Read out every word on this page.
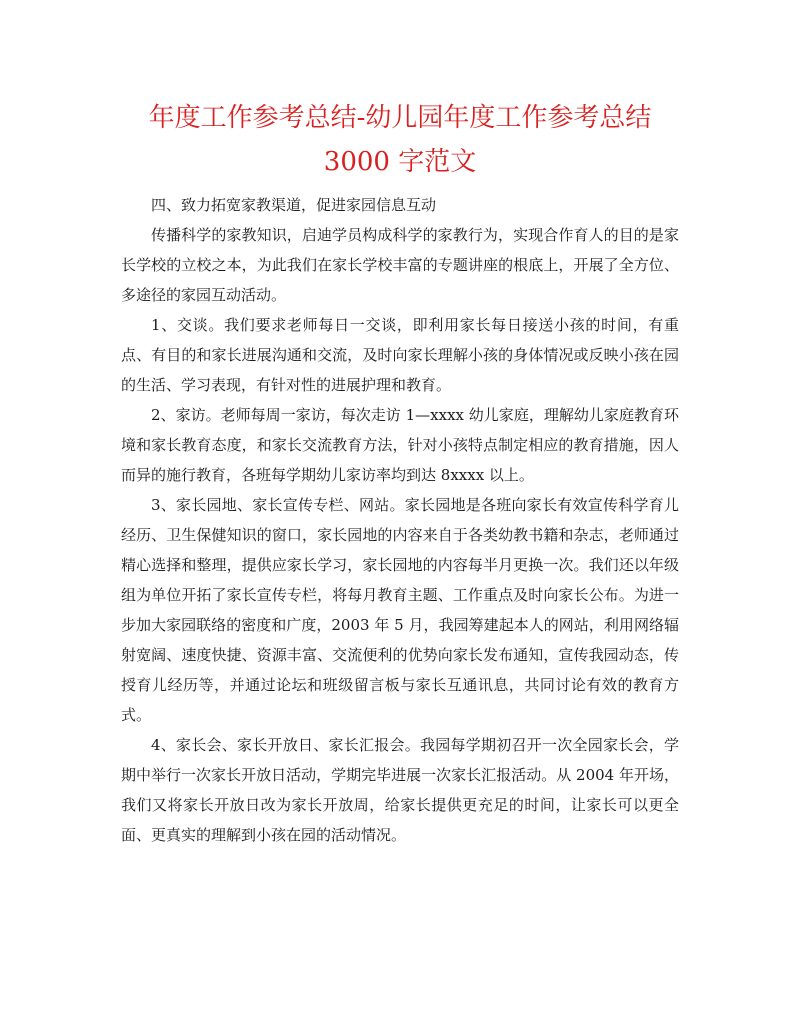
年度工作参考总结-幼儿园年度工作参考总结
3000 字范文

四、致力拓宽家教渠道，促进家园信息互动

传播科学的家教知识，启迪学员构成科学的家教行为，实现合作育人的目的是家长学校的立校之本，为此我们在家长学校丰富的专题讲座的根底上，开展了全方位、多途径的家园互动活动。

1、交谈。我们要求老师每日一交谈，即利用家长每日接送小孩的时间，有重点、有目的和家长进展沟通和交流，及时向家长理解小孩的身体情况或反映小孩在园的生活、学习表现，有针对性的进展护理和教育。

2、家访。老师每周一家访，每次走访 1—xxxx 幼儿家庭，理解幼儿家庭教育环境和家长教育态度，和家长交流教育方法，针对小孩特点制定相应的教育措施，因人而异的施行教育，各班每学期幼儿家访率均到达 8xxxx 以上。

3、家长园地、家长宣传专栏、网站。家长园地是各班向家长有效宣传科学育儿经历、卫生保健知识的窗口，家长园地的内容来自于各类幼教书籍和杂志，老师通过精心选择和整理，提供应家长学习，家长园地的内容每半月更换一次。我们还以年级组为单位开拓了家长宣传专栏，将每月教育主题、工作重点及时向家长公布。为进一步加大家园联络的密度和广度，2003 年 5 月，我园筹建起本人的网站，利用网络辐射宽阔、速度快捷、资源丰富、交流便利的优势向家长发布通知，宣传我园动态，传授育儿经历等，并通过论坛和班级留言板与家长互通讯息，共同讨论有效的教育方式。

4、家长会、家长开放日、家长汇报会。我园每学期初召开一次全园家长会，学期中举行一次家长开放日活动，学期完毕进展一次家长汇报活动。从 2004 年开场，我们又将家长开放日改为家长开放周，给家长提供更充足的时间，让家长可以更全面、更真实的理解到小孩在园的活动情况。
